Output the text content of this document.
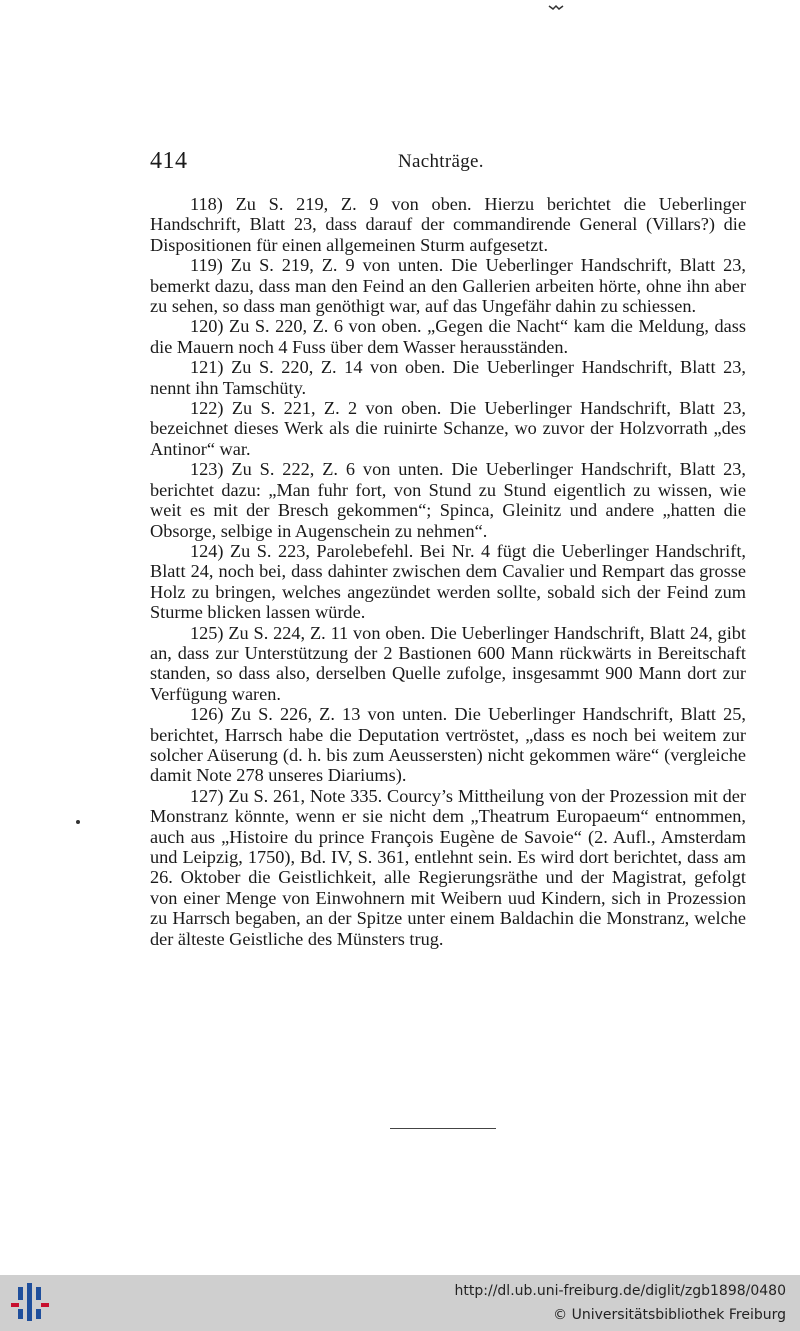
414	Nachträge.

118) Zu S. 219, Z. 9 von oben. Hierzu berichtet die Ueberlinger Handschrift, Blatt 23, dass darauf der commandirende General (Villars?) die Dispositionen für einen allgemeinen Sturm aufgesetzt.

119) Zu S. 219, Z. 9 von unten. Die Ueberlinger Handschrift, Blatt 23, bemerkt dazu, dass man den Feind an den Gallerien arbeiten hörte, ohne ihn aber zu sehen, so dass man genöthigt war, auf das Ungefähr dahin zu schiessen.

120) Zu S. 220, Z. 6 von oben. „Gegen die Nacht“ kam die Meldung, dass die Mauern noch 4 Fuss über dem Wasser herausständen.

121) Zu S. 220, Z. 14 von oben. Die Ueberlinger Handschrift, Blatt 23, nennt ihn Tamschüty.

122) Zu S. 221, Z. 2 von oben. Die Ueberlinger Handschrift, Blatt 23, bezeichnet dieses Werk als die ruinirte Schanze, wo zuvor der Holzvorrath „des Antinor“ war.

123) Zu S. 222, Z. 6 von unten. Die Ueberlinger Handschrift, Blatt 23, berichtet dazu: „Man fuhr fort, von Stund zu Stund eigentlich zu wissen, wie weit es mit der Bresch gekommen“; Spinca, Gleinitz und andere „hatten die Obsorge, selbige in Augenschein zu nehmen“.

124) Zu S. 223, Parolebefehl. Bei Nr. 4 fügt die Ueberlinger Handschrift, Blatt 24, noch bei, dass dahinter zwischen dem Cavalier und Rempart das grosse Holz zu bringen, welches angezündet werden sollte, sobald sich der Feind zum Sturme blicken lassen würde.

125) Zu S. 224, Z. 11 von oben. Die Ueberlinger Handschrift, Blatt 24, gibt an, dass zur Unterstützung der 2 Bastionen 600 Mann rückwärts in Bereitschaft standen, so dass also, derselben Quelle zufolge, insgesammt 900 Mann dort zur Verfügung waren.

126) Zu S. 226, Z. 13 von unten. Die Ueberlinger Handschrift, Blatt 25, berichtet, Harrsch habe die Deputation vertröstet, „dass es noch bei weitem zur solcher Aüserung (d. h. bis zum Aeussersten) nicht gekommen wäre“ (vergleiche damit Note 278 unseres Diariums).

127) Zu S. 261, Note 335. Courcy’s Mittheilung von der Prozession mit der Monstranz könnte, wenn er sie nicht dem „Theatrum Europaeum“ entnommen, auch aus „Histoire du prince François Eugène de Savoie“ (2. Aufl., Amsterdam und Leipzig, 1750), Bd. IV, S. 361, entlehnt sein. Es wird dort berichtet, dass am 26. Oktober die Geistlichkeit, alle Regierungsräthe und der Magistrat, gefolgt von einer Menge von Einwohnern mit Weibern uud Kindern, sich in Prozession zu Harrsch begaben, an der Spitze unter einem Baldachin die Monstranz, welche der älteste Geistliche des Münsters trug.

http://dl.ub.uni-freiburg.de/diglit/zgb1898/0480
© Universitätsbibliothek Freiburg
